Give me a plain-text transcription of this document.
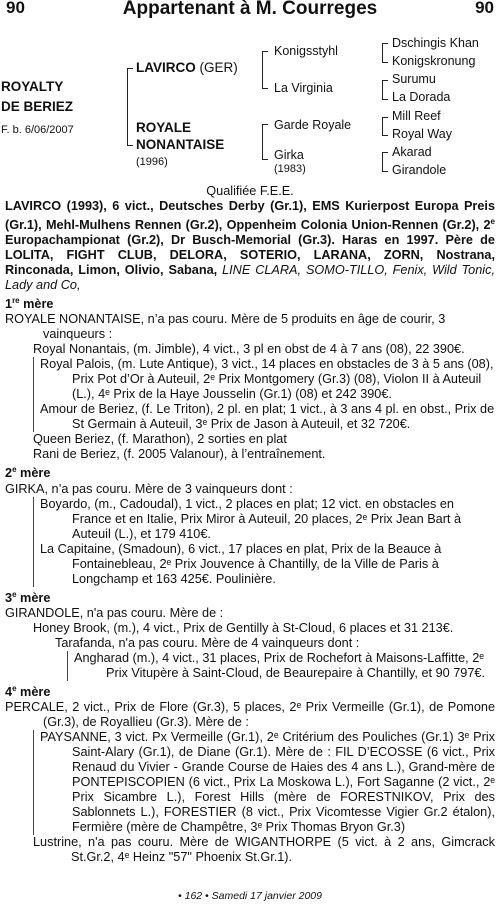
90	Appartenant à M. Courreges	90
ROYALTY
DE BERIEZ
F. b. 6/06/2007
LAVIRCO (GER)
ROYALE
NONANTAISE
(1996)
Konigsstyhl
La Virginia
Garde Royale
Girka
(1983)
Dschingis Khan
Konigskronung
Surumu
La Dorada
Mill Reef
Royal Way
Akarad
Girandole

Qualifiée F.E.E.

LAVIRCO (1993), 6 vict., Deutsches Derby (Gr.1), EMS Kurierpost Europa Preis (Gr.1), Mehl-Mulhens Rennen (Gr.2), Oppenheim Colonia Union-Rennen (Gr.2), 2e Europachampionat (Gr.2), Dr Busch-Memorial (Gr.3). Haras en 1997. Père de LOLITA, FIGHT CLUB, DELORA, SOTERIO, LARANA, ZORN, Nostrana, Rinconada, Limon, Olivio, Sabana, LINE CLARA, SOMO-TILLO, Fenix, Wild Tonic, Lady and Co,

1re mère

ROYALE NONANTAISE, n’a pas couru. Mère de 5 produits en âge de courir, 3 vainqueurs :

Royal Nonantais, (m. Jimble), 4 vict., 3 pl en obst de 4 à 7 ans (08), 22 390€.

Royal Palois, (m. Lute Antique), 3 vict., 14 places en obstacles de 3 à 5 ans (08), Prix Pot d’Or à Auteuil, 2ᵉ Prix Montgomery (Gr.3) (08), Violon II à Auteuil (L.), 4ᵉ Prix de la Haye Jousselin (Gr.1) (08) et 242 390€.

Amour de Beriez, (f. Le Triton), 2 pl. en plat; 1 vict., à 3 ans 4 pl. en obst., Prix de St Germain à Auteuil, 3ᵉ Prix de Jason à Auteuil, et 32 720€.

Queen Beriez, (f. Marathon), 2 sorties en plat

Rani de Beriez, (f. 2005 Valanour), à l’entraînement.

2e mère

GIRKA, n’a pas couru. Mère de 3 vainqueurs dont :

Boyardo, (m., Cadoudal), 1 vict., 2 places en plat; 12 vict. en obstacles en France et en Italie, Prix Miror à Auteuil, 20 places, 2ᵉ Prix Jean Bart à Auteuil (L.), et 179 410€.

La Capitaine, (Smadoun), 6 vict., 17 places en plat, Prix de la Beauce à Fontainebleau, 2ᵉ Prix Jouvence à Chantilly, de la Ville de Paris à Longchamp et 163 425€. Poulinière.

3e mère

GIRANDOLE, n'a pas couru. Mère de :

Honey Brook, (m.), 4 vict., Prix de Gentilly à St-Cloud, 6 places et 31 213€.

Tarafanda, n'a pas couru. Mère de 4 vainqueurs dont :

Angharad (m.), 4 vict., 31 places, Prix de Rochefort à Maisons-Laffitte, 2ᵉ Prix Vitupère à Saint-Cloud, de Beaurepaire à Chantilly, et 90 797€.

4e mère

PERCALE, 2 vict., Prix de Flore (Gr.3), 5 places, 2ᵉ Prix Vermeille (Gr.1), de Pomone (Gr.3), de Royallieu (Gr.3). Mère de :

PAYSANNE, 3 vict. Px Vermeille (Gr.1), 2ᵉ Critérium des Pouliches (Gr.1) 3ᵉ Prix Saint-Alary (Gr.1), de Diane (Gr.1). Mère de : FIL D’ECOSSE (6 vict., Prix Renaud du Vivier - Grande Course de Haies des 4 ans L.), Grand-mère de PONTEPISCOPIEN (6 vict., Prix La Moskowa L.), Fort Saganne (2 vict., 2ᵉ Prix Sicambre L.), Forest Hills (mère de FORESTNIKOV, Prix des Sablonnets L.), FORESTIER (8 vict., Prix Vicomtesse Vigier Gr.2 étalon), Fermière (mère de Champêtre, 3ᵉ Prix Thomas Bryon Gr.3)

Lustrine, n'a pas couru. Mère de WIGANTHORPE (5 vict. à 2 ans, Gimcrack St.Gr.2, 4ᵉ Heinz "57" Phoenix St.Gr.1).

• 162 • Samedi 17 janvier 2009
